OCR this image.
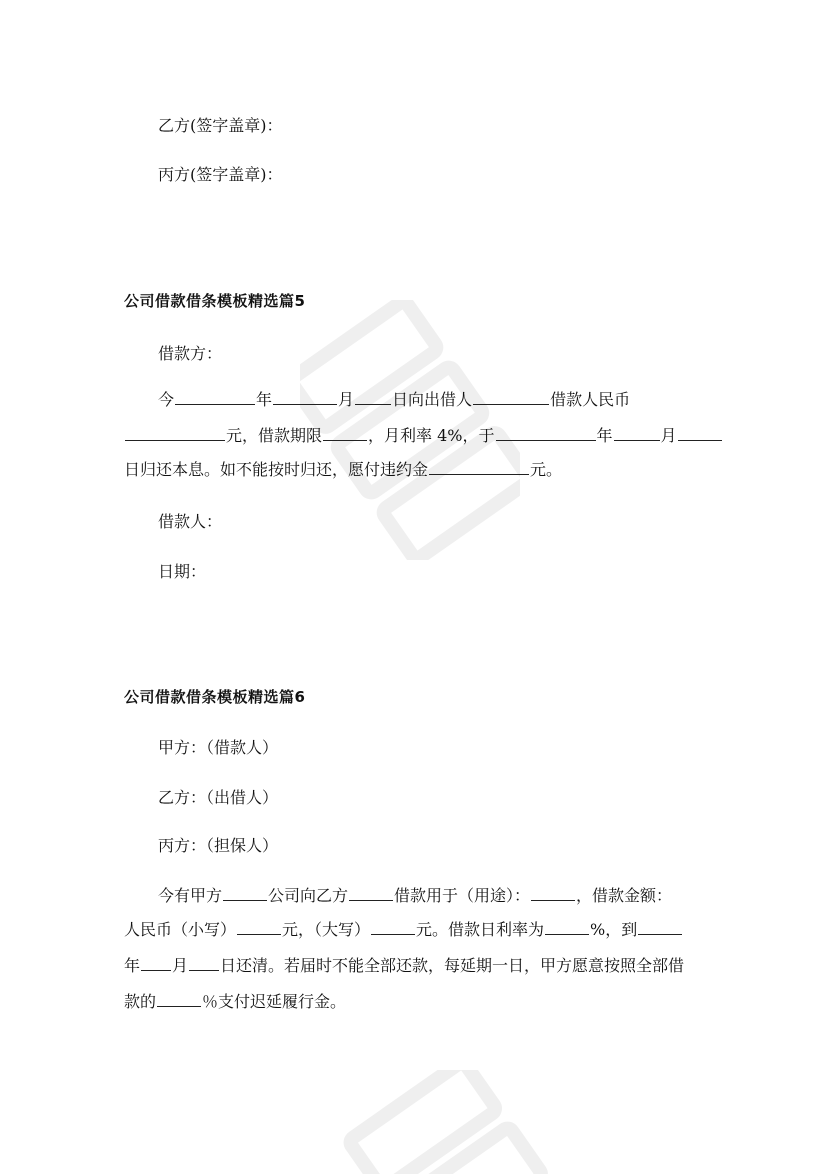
乙方(签字盖章)：
丙方(签字盖章)：
公司借款借条模板精选篇5
借款方：
今	年	月 日向出借人	借款人民币
元，借款期限	，月利率 4%，于	年	月
日归还本息。如不能按时归还，愿付违约金	元。
借款人：
日期：
公司借款借条模板精选篇6
甲方：（借款人）
乙方：（出借人）
丙方：（担保人）
今有甲方	公司向乙方	借款用于（用途）：	，借款金额：
人民币（小写）	元，（大写）	元。借款日利率为	%，到
年 月 日还清。若届时不能全部还款，每延期一日，甲方愿意按照全部借
款的	％支付迟延履行金。
